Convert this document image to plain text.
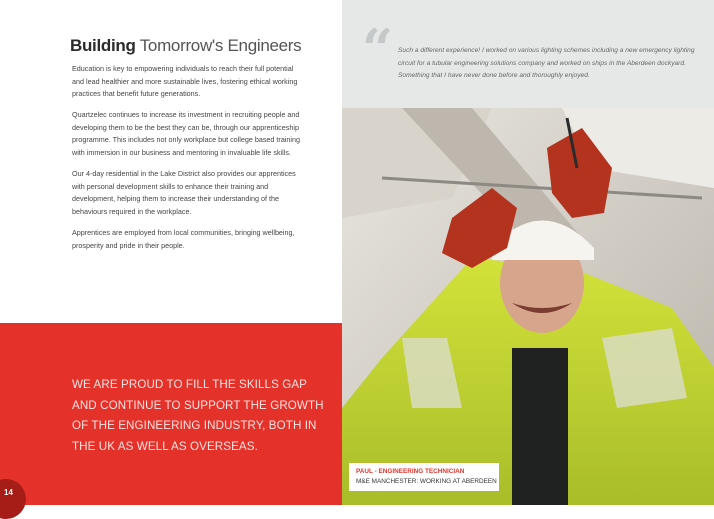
Building Tomorrow's Engineers

Education is key to empowering individuals to reach their full potential and lead healthier and more sustainable lives, fostering ethical working practices that benefit future generations.

Quartzelec continues to increase its investment in recruiting people and developing them to be the best they can be, through our apprenticeship programme. This includes not only workplace but college based training with immersion in our business and mentoring in invaluable life skills.

Our 4-day residential in the Lake District also provides our apprentices with personal development skills to enhance their training and development, helping them to increase their understanding of the behaviours required in the workplace.

Apprentices are employed from local communities, bringing wellbeing, prosperity and pride in their people.

WE ARE PROUD TO FILL THE SKILLS GAP AND CONTINUE TO SUPPORT THE GROWTH OF THE ENGINEERING INDUSTRY, BOTH IN THE UK AS WELL AS OVERSEAS.
14
“ Such a different experience! I worked on various lighting schemes including a new emergency lighting circuit for a tubular engineering solutions company and worked on ships in the Aberdeen dockyard. Something that I have never done before and thoroughly enjoyed.
PAUL - ENGINEERING TECHNICIAN
M&E MANCHESTER: WORKING AT ABERDEEN
